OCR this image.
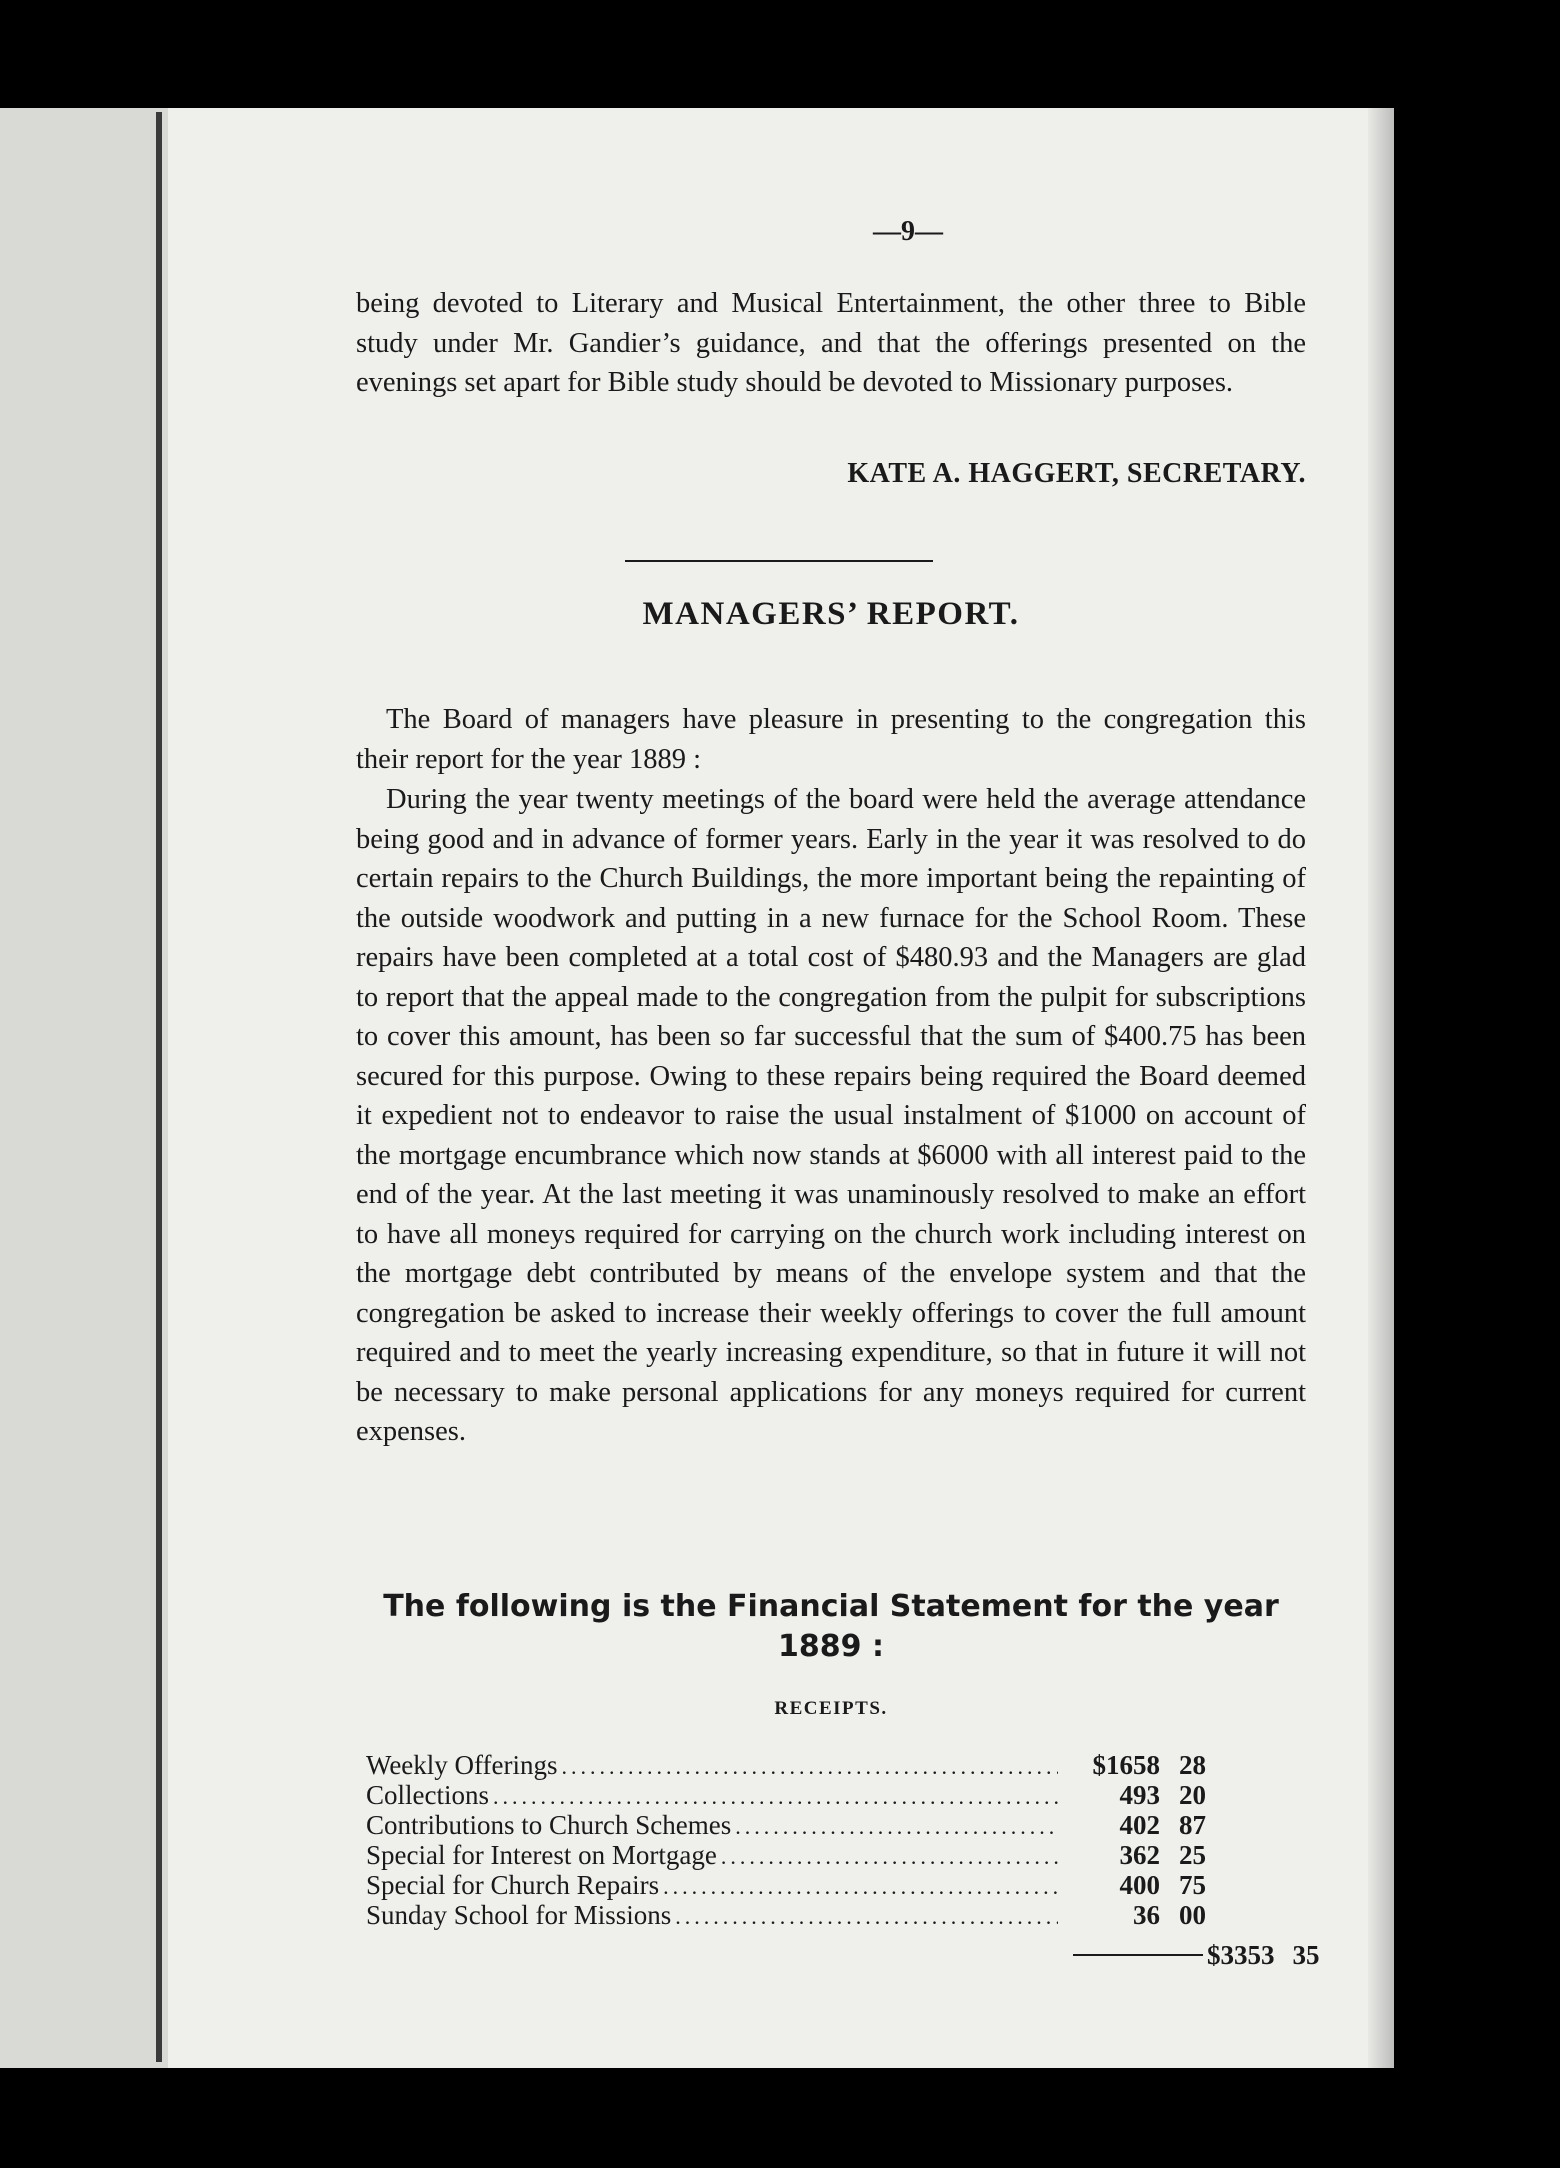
—9—
being devoted to Literary and Musical Entertainment, the other three to Bible study under Mr. Gandier’s guidance, and that the offerings presented on the evenings set apart for Bible study should be devoted to Missionary purposes.
KATE A. HAGGERT, SECRETARY.
MANAGERS’ REPORT.
The Board of managers have pleasure in presenting to the congregation this their report for the year 1889 :
During the year twenty meetings of the board were held the average attendance being good and in advance of former years. Early in the year it was resolved to do certain repairs to the Church Buildings, the more important being the repainting of the outside woodwork and putting in a new furnace for the School Room. These repairs have been completed at a total cost of $480.93 and the Managers are glad to report that the appeal made to the congregation from the pulpit for subscriptions to cover this amount, has been so far successful that the sum of $400.75 has been secured for this purpose. Owing to these repairs being required the Board deemed it expedient not to endeavor to raise the usual instalment of $1000 on account of the mortgage encumbrance which now stands at $6000 with all interest paid to the end of the year. At the last meeting it was unaminously resolved to make an effort to have all moneys required for carrying on the church work including interest on the mortgage debt contributed by means of the envelope system and that the congregation be asked to increase their weekly offerings to cover the full amount required and to meet the yearly increasing expenditure, so that in future it will not be necessary to make personal applications for any moneys required for current expenses.
The following is the Financial Statement for the year 1889 :
RECEIPTS.
Weekly Offerings .....	$1658 28
Collections .....	493 20
Contributions to Church Schemes .....	402 87
Special for Interest on Mortgage .....	362 25
Special for Church Repairs .....	400 75
Sunday School for Missions .....	36 00
$3353 35
